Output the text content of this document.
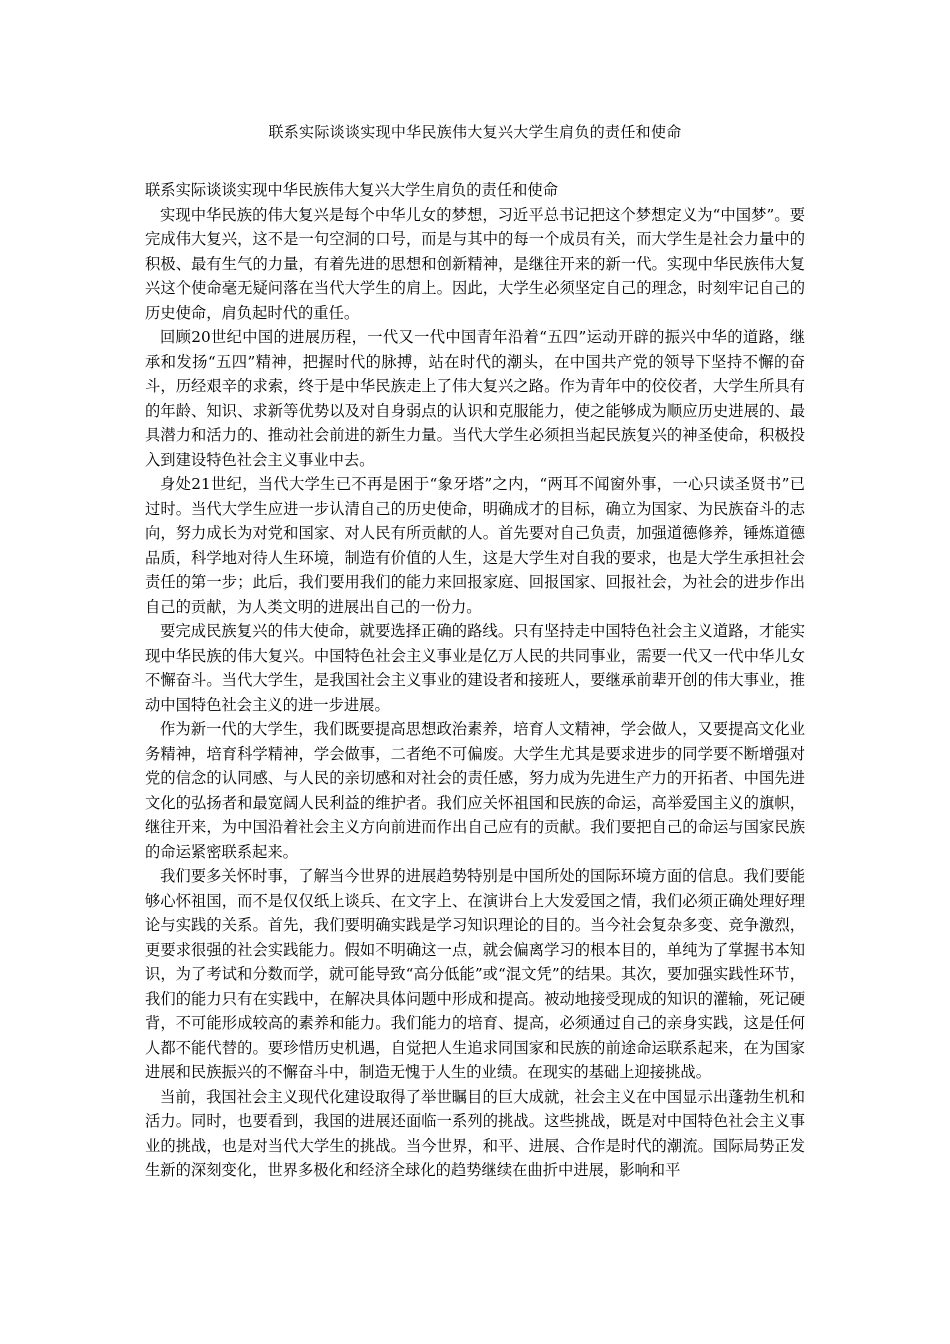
联系实际谈谈实现中华民族伟大复兴大学生肩负的责任和使命

联系实际谈谈实现中华民族伟大复兴大学生肩负的责任和使命

实现中华民族的伟大复兴是每个中华儿女的梦想，习近平总书记把这个梦想定义为“中国梦”。要完成伟大复兴，这不是一句空洞的口号，而是与其中的每一个成员有关，而大学生是社会力量中的积极、最有生气的力量，有着先进的思想和创新精神，是继往开来的新一代。实现中华民族伟大复兴这个使命毫无疑问落在当代大学生的肩上。因此，大学生必须坚定自己的理念，时刻牢记自己的历史使命，肩负起时代的重任。

回顾20世纪中国的进展历程，一代又一代中国青年沿着“五四”运动开辟的振兴中华的道路，继承和发扬“五四”精神，把握时代的脉搏，站在时代的潮头，在中国共产党的领导下坚持不懈的奋斗，历经艰辛的求索，终于是中华民族走上了伟大复兴之路。作为青年中的佼佼者，大学生所具有的年龄、知识、求新等优势以及对自身弱点的认识和克服能力，使之能够成为顺应历史进展的、最具潜力和活力的、推动社会前进的新生力量。当代大学生必须担当起民族复兴的神圣使命，积极投入到建设特色社会主义事业中去。

身处21世纪，当代大学生已不再是困于“象牙塔”之内，“两耳不闻窗外事，一心只读圣贤书”已过时。当代大学生应进一步认清自己的历史使命，明确成才的目标，确立为国家、为民族奋斗的志向，努力成长为对党和国家、对人民有所贡献的人。首先要对自己负责，加强道德修养，锤炼道德品质，科学地对待人生环境，制造有价值的人生，这是大学生对自我的要求，也是大学生承担社会责任的第一步；此后，我们要用我们的能力来回报家庭、回报国家、回报社会，为社会的进步作出自己的贡献，为人类文明的进展出自己的一份力。

要完成民族复兴的伟大使命，就要选择正确的路线。只有坚持走中国特色社会主义道路，才能实现中华民族的伟大复兴。中国特色社会主义事业是亿万人民的共同事业，需要一代又一代中华儿女不懈奋斗。当代大学生，是我国社会主义事业的建设者和接班人，要继承前辈开创的伟大事业，推动中国特色社会主义的进一步进展。

作为新一代的大学生，我们既要提高思想政治素养，培育人文精神，学会做人，又要提高文化业务精神，培育科学精神，学会做事，二者绝不可偏废。大学生尤其是要求进步的同学要不断增强对党的信念的认同感、与人民的亲切感和对社会的责任感，努力成为先进生产力的开拓者、中国先进文化的弘扬者和最宽阔人民利益的维护者。我们应关怀祖国和民族的命运，高举爱国主义的旗帜，继往开来，为中国沿着社会主义方向前进而作出自己应有的贡献。我们要把自己的命运与国家民族的命运紧密联系起来。

我们要多关怀时事，了解当今世界的进展趋势特别是中国所处的国际环境方面的信息。我们要能够心怀祖国，而不是仅仅纸上谈兵、在文字上、在演讲台上大发爱国之情，我们必须正确处理好理论与实践的关系。首先，我们要明确实践是学习知识理论的目的。当今社会复杂多变、竞争激烈，更要求很强的社会实践能力。假如不明确这一点，就会偏离学习的根本目的，单纯为了掌握书本知识，为了考试和分数而学，就可能导致“高分低能”或“混文凭”的结果。其次，要加强实践性环节，我们的能力只有在实践中，在解决具体问题中形成和提高。被动地接受现成的知识的灌输，死记硬背，不可能形成较高的素养和能力。我们能力的培育、提高，必须通过自己的亲身实践，这是任何人都不能代替的。要珍惜历史机遇，自觉把人生追求同国家和民族的前途命运联系起来，在为国家进展和民族振兴的不懈奋斗中，制造无愧于人生的业绩。在现实的基础上迎接挑战。

当前，我国社会主义现代化建设取得了举世瞩目的巨大成就，社会主义在中国显示出蓬勃生机和活力。同时，也要看到，我国的进展还面临一系列的挑战。这些挑战，既是对中国特色社会主义事业的挑战，也是对当代大学生的挑战。当今世界，和平、进展、合作是时代的潮流。国际局势正发生新的深刻变化，世界多极化和经济全球化的趋势继续在曲折中进展，影响和平
